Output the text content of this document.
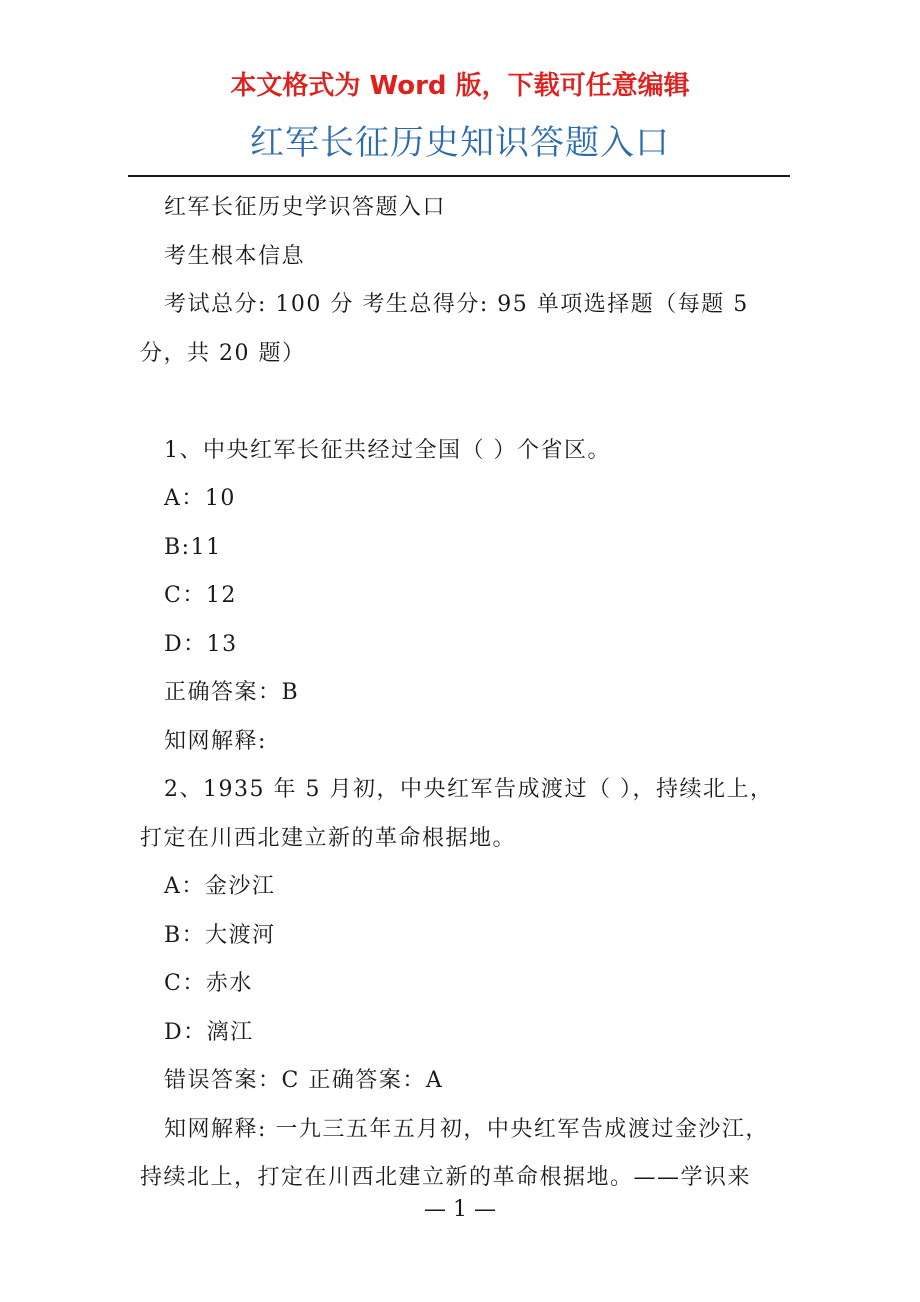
本文格式为 Word 版，下载可任意编辑
红军长征历史知识答题入口

红军长征历史学识答题入口

考生根本信息

考试总分: 100 分 考生总得分: 95 单项选择题（每题 5 分，共 20 题）

1、中央红军长征共经过全国（ ）个省区。

A：10

B:11

C：12

D：13

正确答案：B

知网解释:

2、1935 年 5 月初，中央红军告成渡过（ ），持续北上，打定在川西北建立新的革命根据地。

A：金沙江

B：大渡河

C：赤水

D：漓江

错误答案：C 正确答案：A

知网解释: 一九三五年五月初，中央红军告成渡过金沙江，持续北上，打定在川西北建立新的革命根据地。——学识来

— 1 —
